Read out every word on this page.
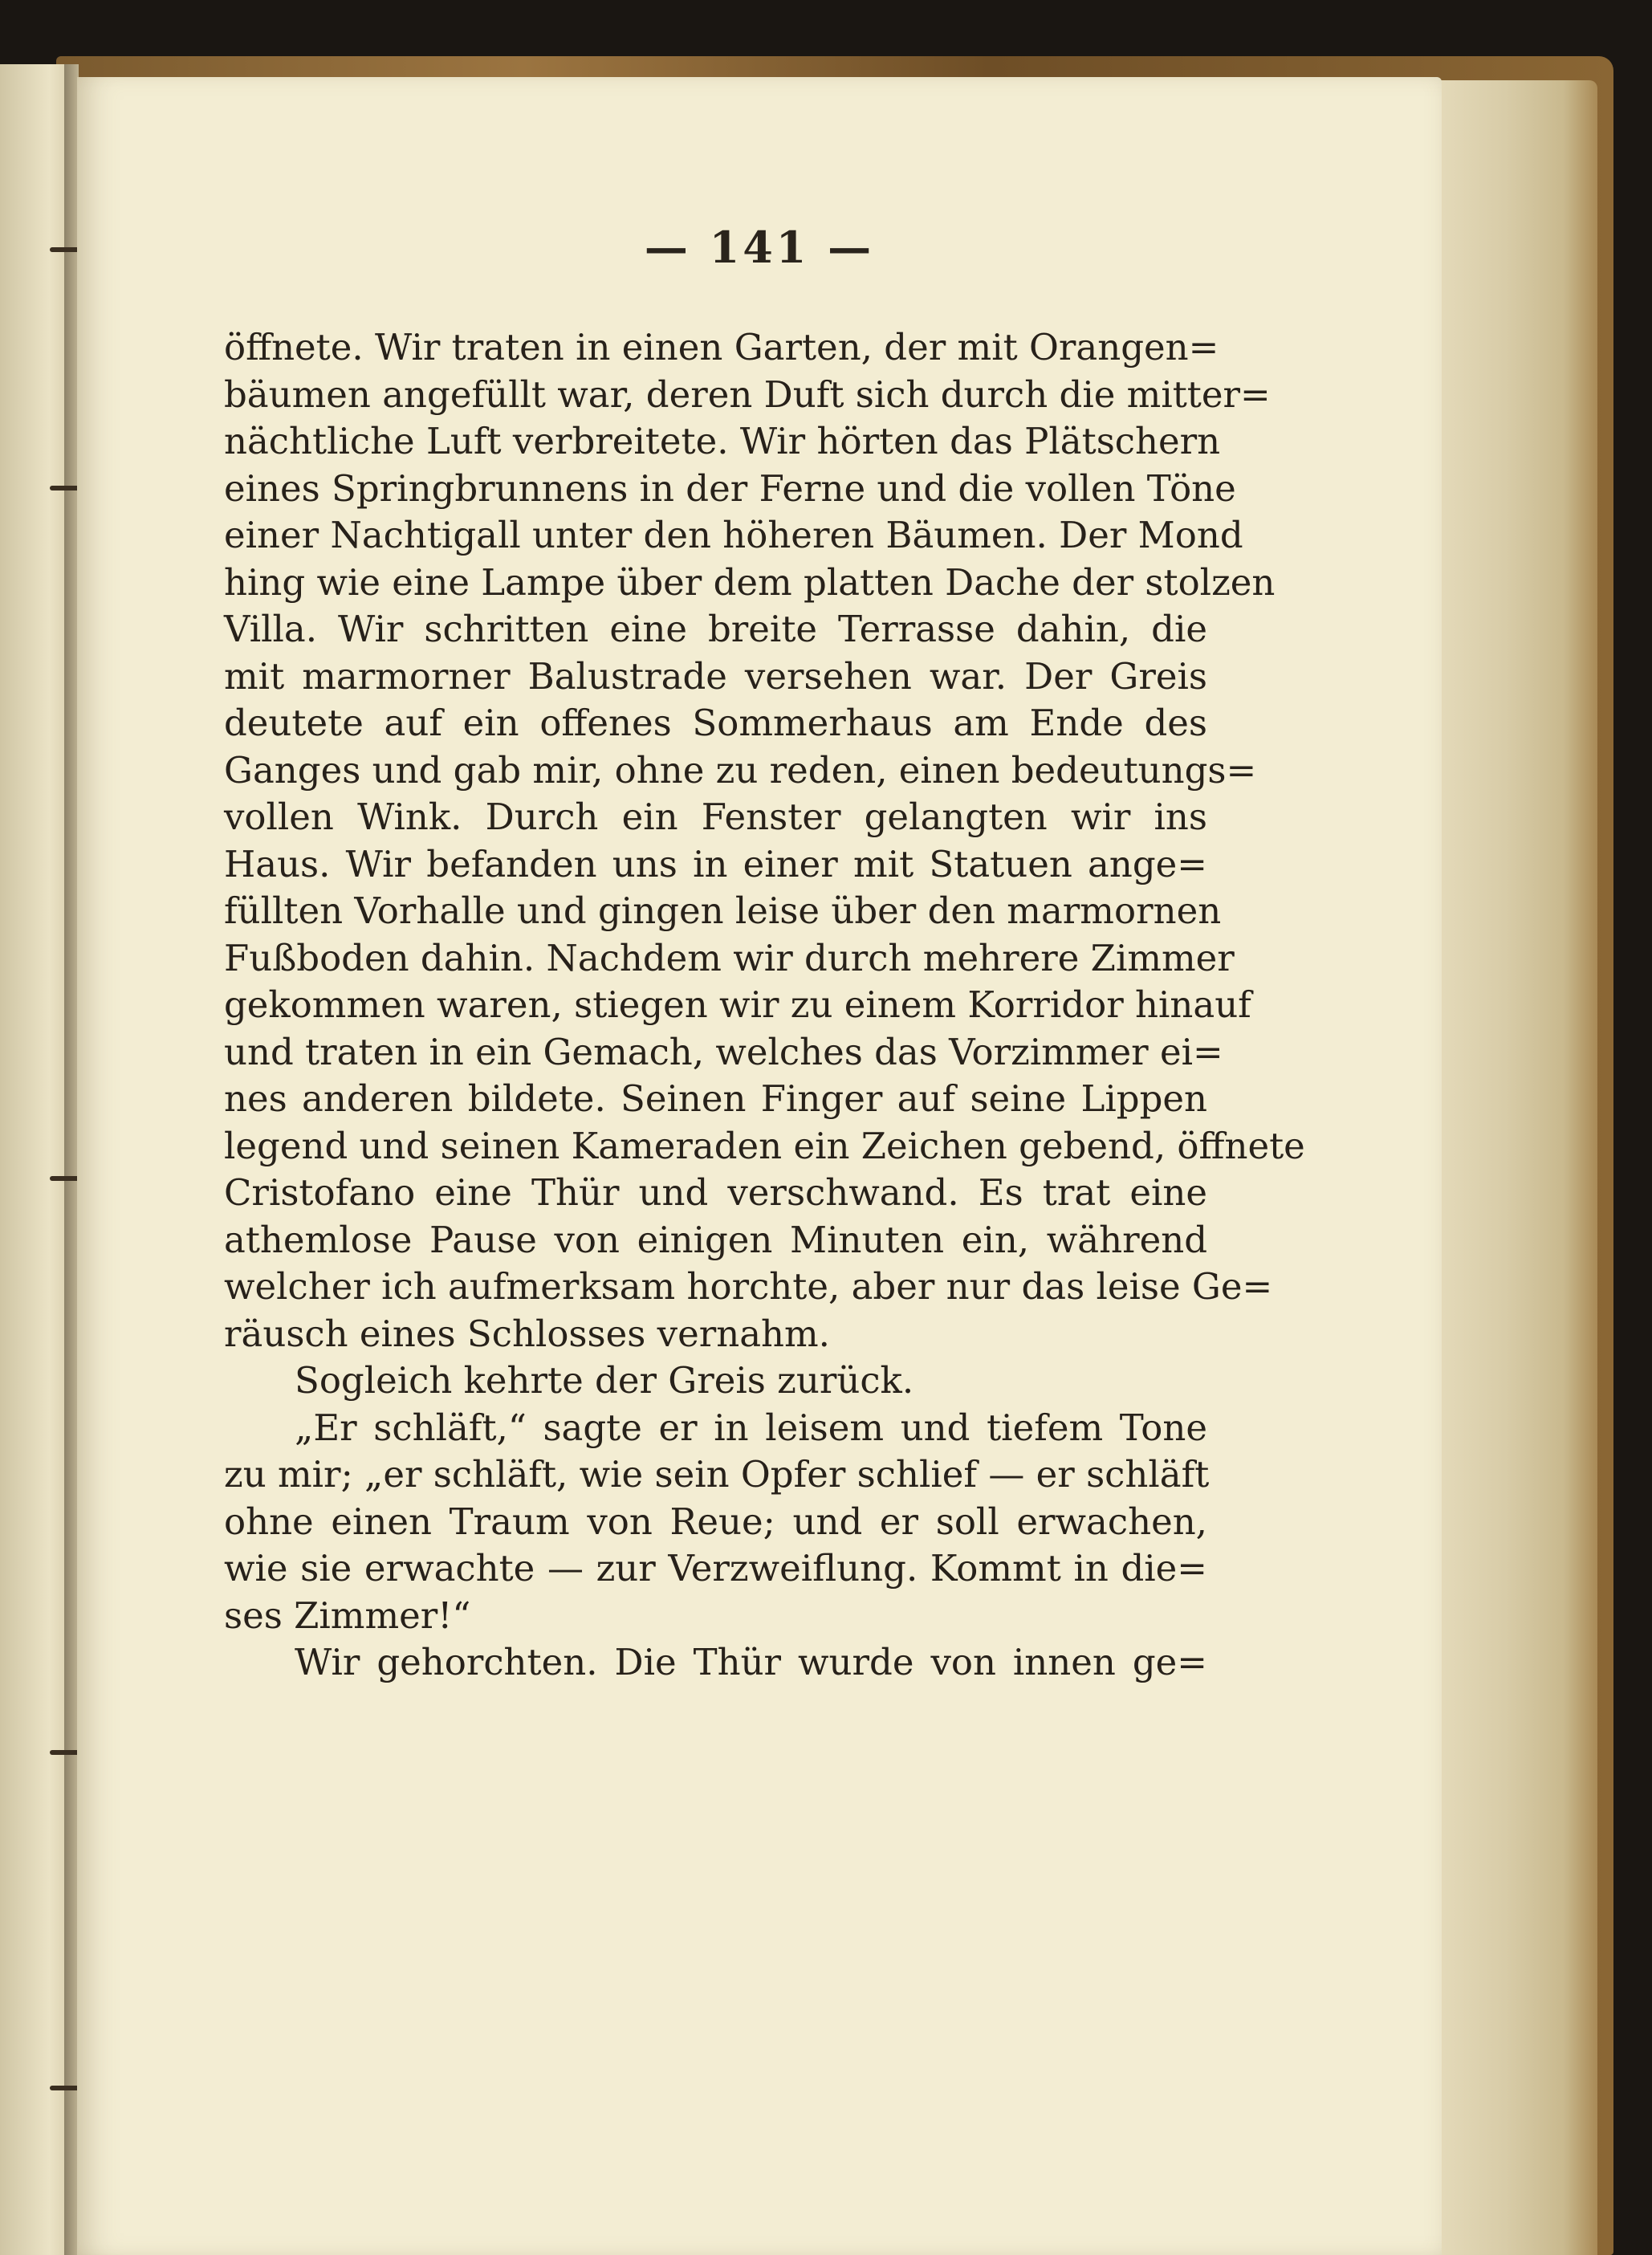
— 141 —

öffnete. Wir traten in einen Garten, der mit Orangen=
bäumen angefüllt war, deren Duft sich durch die mitter=
nächtliche Luft verbreitete. Wir hörten das Plätschern
eines Springbrunnens in der Ferne und die vollen Töne
einer Nachtigall unter den höheren Bäumen. Der Mond
hing wie eine Lampe über dem platten Dache der stolzen
Villa. Wir schritten eine breite Terrasse dahin, die
mit marmorner Balustrade versehen war. Der Greis
deutete auf ein offenes Sommerhaus am Ende des
Ganges und gab mir, ohne zu reden, einen bedeutungs=
vollen Wink. Durch ein Fenster gelangten wir ins
Haus. Wir befanden uns in einer mit Statuen ange=
füllten Vorhalle und gingen leise über den marmornen
Fußboden dahin. Nachdem wir durch mehrere Zimmer
gekommen waren, stiegen wir zu einem Korridor hinauf
und traten in ein Gemach, welches das Vorzimmer ei=
nes anderen bildete. Seinen Finger auf seine Lippen
legend und seinen Kameraden ein Zeichen gebend, öffnete
Cristofano eine Thür und verschwand. Es trat eine
athemlose Pause von einigen Minuten ein, während
welcher ich aufmerksam horchte, aber nur das leise Ge=
räusch eines Schlosses vernahm.
Sogleich kehrte der Greis zurück.
„Er schläft,“ sagte er in leisem und tiefem Tone
zu mir; „er schläft, wie sein Opfer schlief — er schläft
ohne einen Traum von Reue; und er soll erwachen,
wie sie erwachte — zur Verzweiflung. Kommt in die=
ses Zimmer!“
Wir gehorchten. Die Thür wurde von innen ge=
